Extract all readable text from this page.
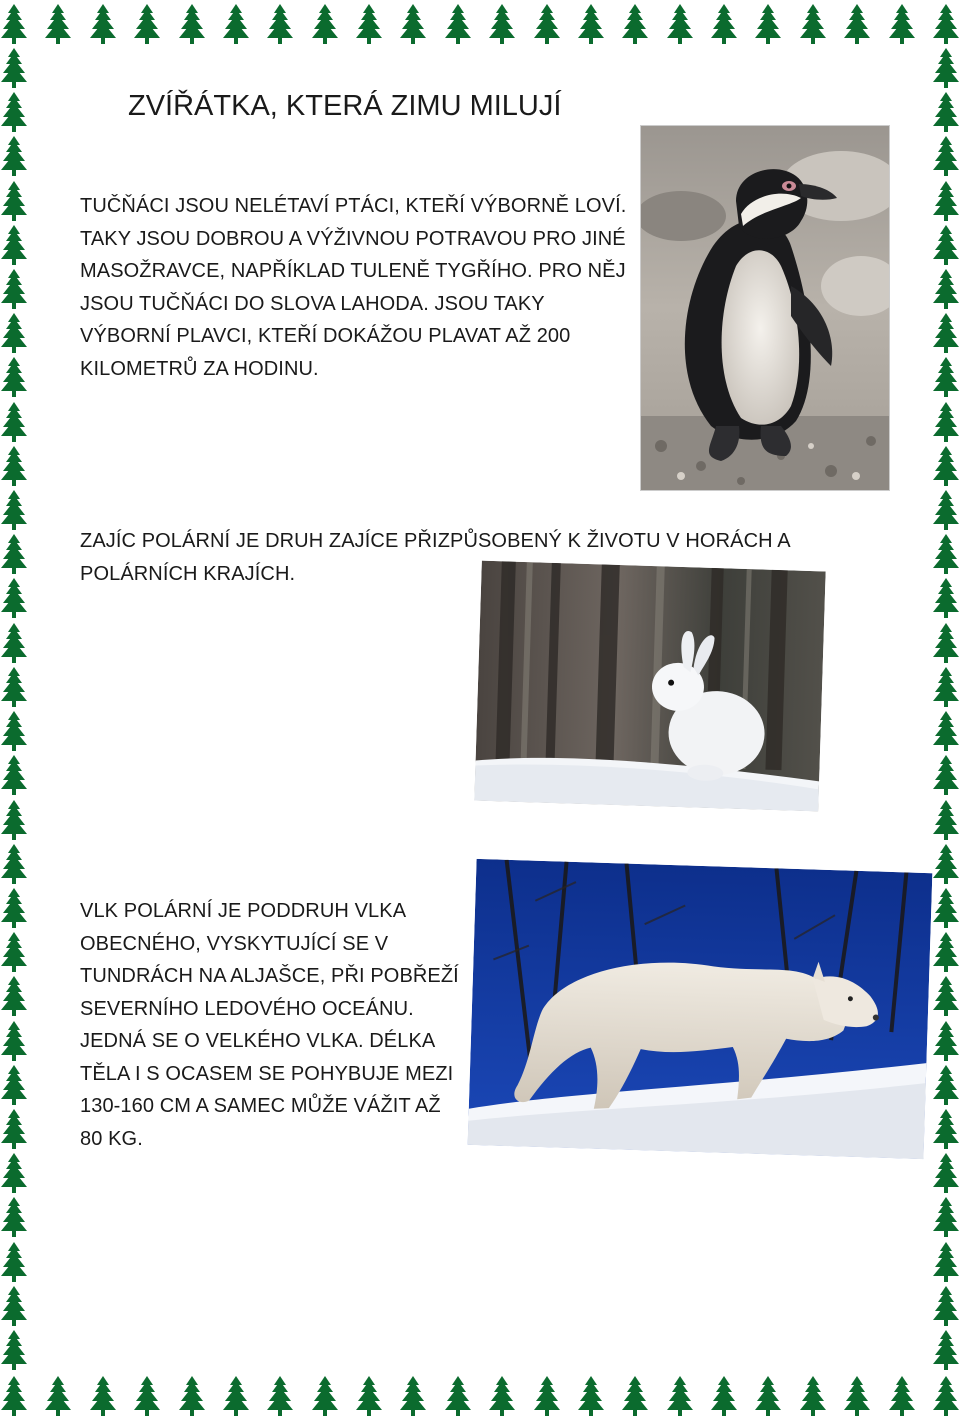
ZVÍŘÁTKA, KTERÁ ZIMU MILUJÍ

TUČŇÁCI JSOU NELÉTAVÍ PTÁCI, KTEŘÍ VÝBORNĚ LOVÍ. TAKY JSOU DOBROU A VÝŽIVNOU POTRAVOU PRO JINÉ MASOŽRAVCE, NAPŘÍKLAD TULENĚ TYGŘÍHO. PRO NĚJ JSOU TUČŇÁCI DO SLOVA LAHODA. JSOU TAKY VÝBORNÍ PLAVCI, KTEŘÍ DOKÁŽOU PLAVAT AŽ 200 KILOMETRŮ ZA HODINU.

ZAJÍC POLÁRNÍ JE DRUH ZAJÍCE PŘIZPŮSOBENÝ K ŽIVOTU V HORÁCH A POLÁRNÍCH KRAJÍCH.

VLK POLÁRNÍ JE PODDRUH VLKA OBECNÉHO, VYSKYTUJÍCÍ SE V TUNDRÁCH NA ALJAŠCE, PŘI POBŘEŽÍ SEVERNÍHO LEDOVÉHO OCEÁNU. JEDNÁ SE O VELKÉHO VLKA. DÉLKA TĚLA I S OCASEM SE POHYBUJE MEZI 130-160 CM A SAMEC MŮŽE VÁŽIT AŽ 80 KG.
